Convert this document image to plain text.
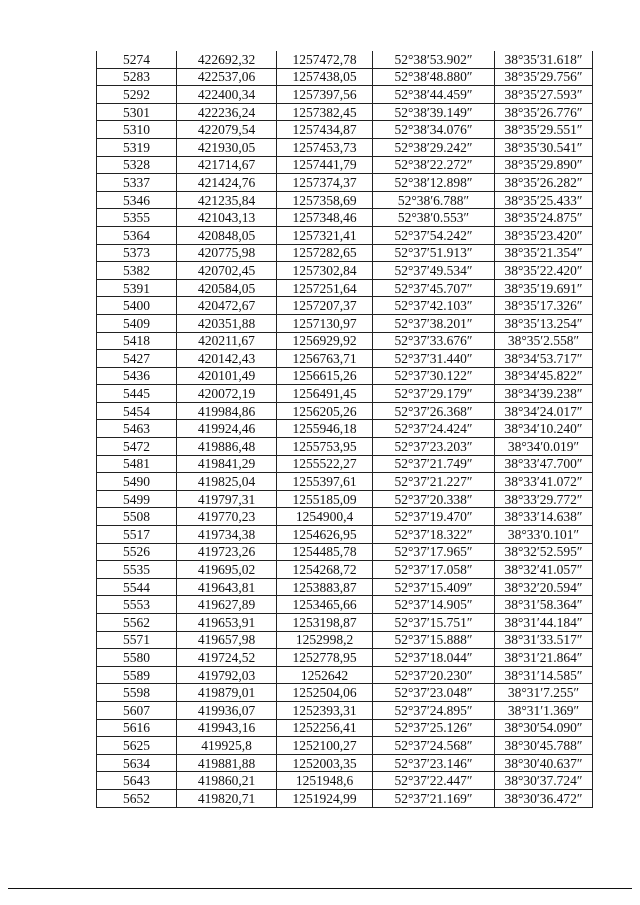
5274	422692,32	1257472,78	52°38′53.902″	38°35′31.618″
5283	422537,06	1257438,05	52°38′48.880″	38°35′29.756″
5292	422400,34	1257397,56	52°38′44.459″	38°35′27.593″
5301	422236,24	1257382,45	52°38′39.149″	38°35′26.776″
5310	422079,54	1257434,87	52°38′34.076″	38°35′29.551″
5319	421930,05	1257453,73	52°38′29.242″	38°35′30.541″
5328	421714,67	1257441,79	52°38′22.272″	38°35′29.890″
5337	421424,76	1257374,37	52°38′12.898″	38°35′26.282″
5346	421235,84	1257358,69	52°38′6.788″	38°35′25.433″
5355	421043,13	1257348,46	52°38′0.553″	38°35′24.875″
5364	420848,05	1257321,41	52°37′54.242″	38°35′23.420″
5373	420775,98	1257282,65	52°37′51.913″	38°35′21.354″
5382	420702,45	1257302,84	52°37′49.534″	38°35′22.420″
5391	420584,05	1257251,64	52°37′45.707″	38°35′19.691″
5400	420472,67	1257207,37	52°37′42.103″	38°35′17.326″
5409	420351,88	1257130,97	52°37′38.201″	38°35′13.254″
5418	420211,67	1256929,92	52°37′33.676″	38°35′2.558″
5427	420142,43	1256763,71	52°37′31.440″	38°34′53.717″
5436	420101,49	1256615,26	52°37′30.122″	38°34′45.822″
5445	420072,19	1256491,45	52°37′29.179″	38°34′39.238″
5454	419984,86	1256205,26	52°37′26.368″	38°34′24.017″
5463	419924,46	1255946,18	52°37′24.424″	38°34′10.240″
5472	419886,48	1255753,95	52°37′23.203″	38°34′0.019″
5481	419841,29	1255522,27	52°37′21.749″	38°33′47.700″
5490	419825,04	1255397,61	52°37′21.227″	38°33′41.072″
5499	419797,31	1255185,09	52°37′20.338″	38°33′29.772″
5508	419770,23	1254900,4	52°37′19.470″	38°33′14.638″
5517	419734,38	1254626,95	52°37′18.322″	38°33′0.101″
5526	419723,26	1254485,78	52°37′17.965″	38°32′52.595″
5535	419695,02	1254268,72	52°37′17.058″	38°32′41.057″
5544	419643,81	1253883,87	52°37′15.409″	38°32′20.594″
5553	419627,89	1253465,66	52°37′14.905″	38°31′58.364″
5562	419653,91	1253198,87	52°37′15.751″	38°31′44.184″
5571	419657,98	1252998,2	52°37′15.888″	38°31′33.517″
5580	419724,52	1252778,95	52°37′18.044″	38°31′21.864″
5589	419792,03	1252642	52°37′20.230″	38°31′14.585″
5598	419879,01	1252504,06	52°37′23.048″	38°31′7.255″
5607	419936,07	1252393,31	52°37′24.895″	38°31′1.369″
5616	419943,16	1252256,41	52°37′25.126″	38°30′54.090″
5625	419925,8	1252100,27	52°37′24.568″	38°30′45.788″
5634	419881,88	1252003,35	52°37′23.146″	38°30′40.637″
5643	419860,21	1251948,6	52°37′22.447″	38°30′37.724″
5652	419820,71	1251924,99	52°37′21.169″	38°30′36.472″
